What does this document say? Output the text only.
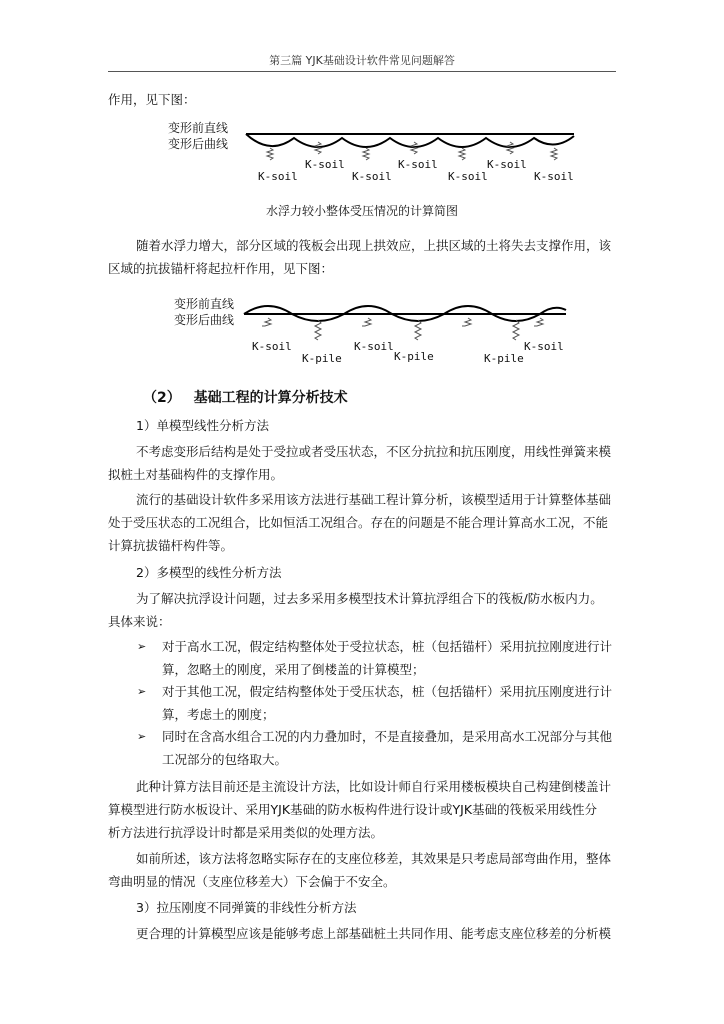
第三篇 YJK基础设计软件常见问题解答
作用，见下图：
变形前直线
变形后曲线
K-soil
K-soil
K-soil
K-soil
K-soil
K-soil
K-soil
水浮力较小整体受压情况的计算简图
随着水浮力增大，部分区域的筏板会出现上拱效应，上拱区域的土将失去支撑作用，该
区域的抗拔锚杆将起拉杆作用，见下图：
变形前直线
变形后曲线
K-soil
K-pile
K-soil
K-pile	K-pile
K-soil
（2） 基础工程的计算分析技术
1）单模型线性分析方法
不考虑变形后结构是处于受拉或者受压状态，不区分抗拉和抗压刚度，用线性弹簧来模
拟桩土对基础构件的支撑作用。
流行的基础设计软件多采用该方法进行基础工程计算分析，该模型适用于计算整体基础
处于受压状态的工况组合，比如恒活工况组合。存在的问题是不能合理计算高水工况，不能
计算抗拔锚杆构件等。
2）多模型的线性分析方法
为了解决抗浮设计问题，过去多采用多模型技术计算抗浮组合下的筏板/防水板内力。
具体来说：
➢ 对于高水工况，假定结构整体处于受拉状态，桩（包括锚杆）采用抗拉刚度进行计
算，忽略土的刚度，采用了倒楼盖的计算模型；
➢ 对于其他工况，假定结构整体处于受压状态，桩（包括锚杆）采用抗压刚度进行计
算，考虑土的刚度；
➢ 同时在含高水组合工况的内力叠加时，不是直接叠加，是采用高水工况部分与其他
工况部分的包络取大。
此种计算方法目前还是主流设计方法，比如设计师自行采用楼板模块自己构建倒楼盖计
算模型进行防水板设计、采用YJK基础的防水板构件进行设计或YJK基础的筏板采用线性分
析方法进行抗浮设计时都是采用类似的处理方法。
如前所述，该方法将忽略实际存在的支座位移差，其效果是只考虑局部弯曲作用，整体
弯曲明显的情况（支座位移差大）下会偏于不安全。
3）拉压刚度不同弹簧的非线性分析方法
更合理的计算模型应该是能够考虑上部基础桩土共同作用、能考虑支座位移差的分析模
